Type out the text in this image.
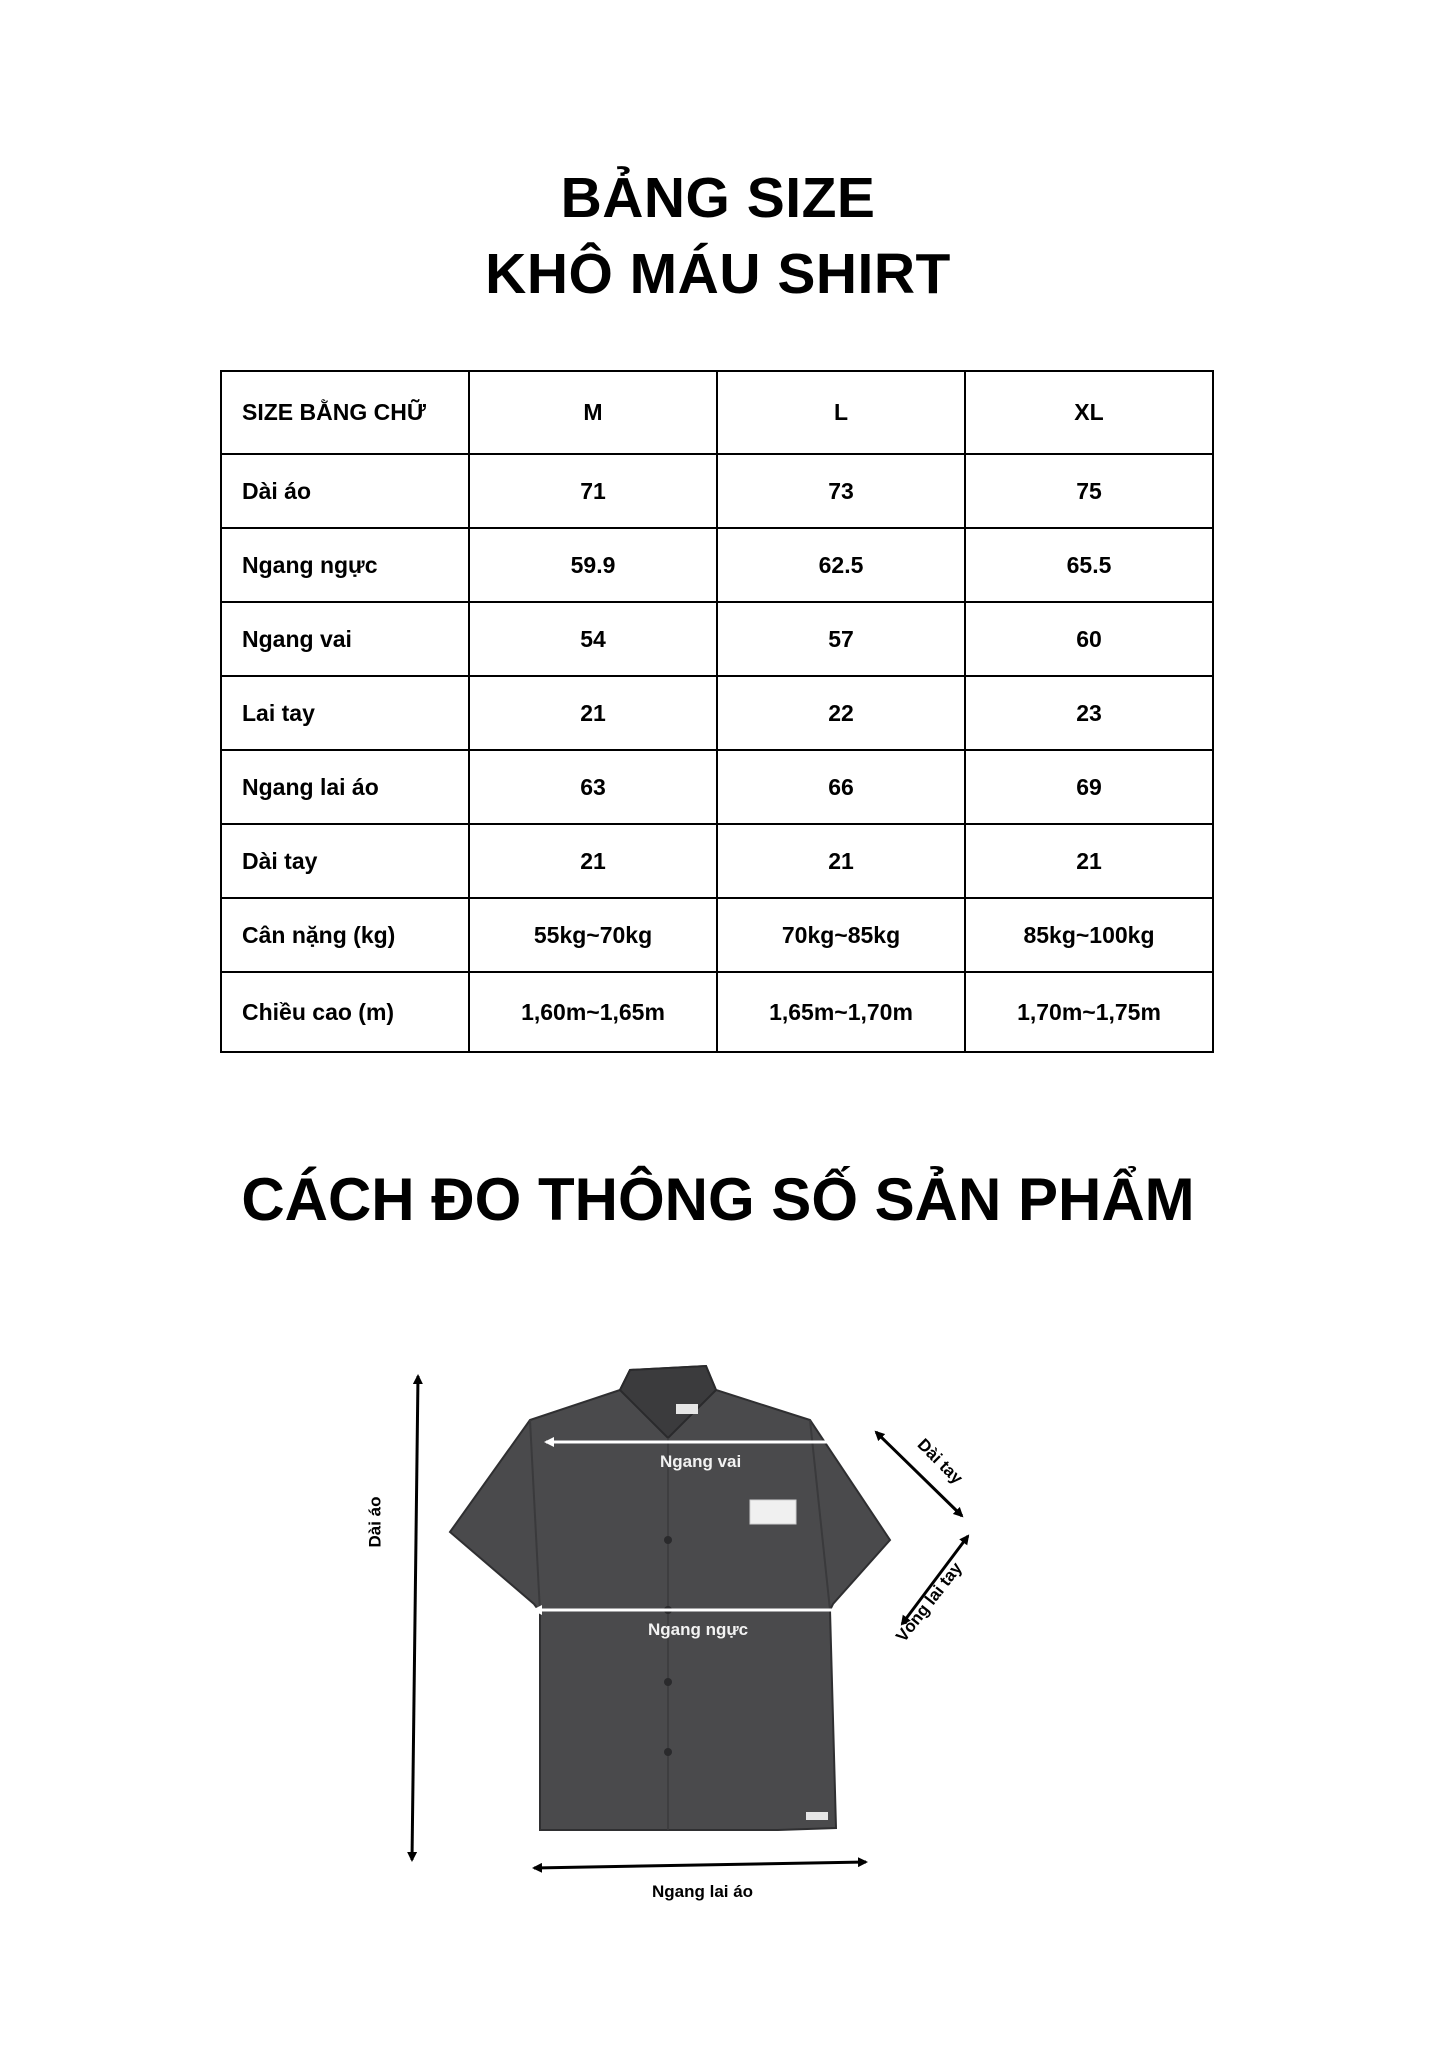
BẢNG SIZE
KHÔ MÁU SHIRT
SIZE BẰNG CHỮ	M	L	XL
Dài áo	71	73	75
Ngang ngực	59.9	62.5	65.5
Ngang vai	54	57	60
Lai tay	21	22	23
Ngang lai áo	63	66	69
Dài tay	21	21	21
Cân nặng (kg)	55kg~70kg	70kg~85kg	85kg~100kg
Chiều cao (m)	1,60m~1,65m	1,65m~1,70m	1,70m~1,75m
CÁCH ĐO THÔNG SỐ SẢN PHẨM
Dài áo
Ngang vai	Dài tay
Vòng lai tay
Ngang ngực
Ngang lai áo
